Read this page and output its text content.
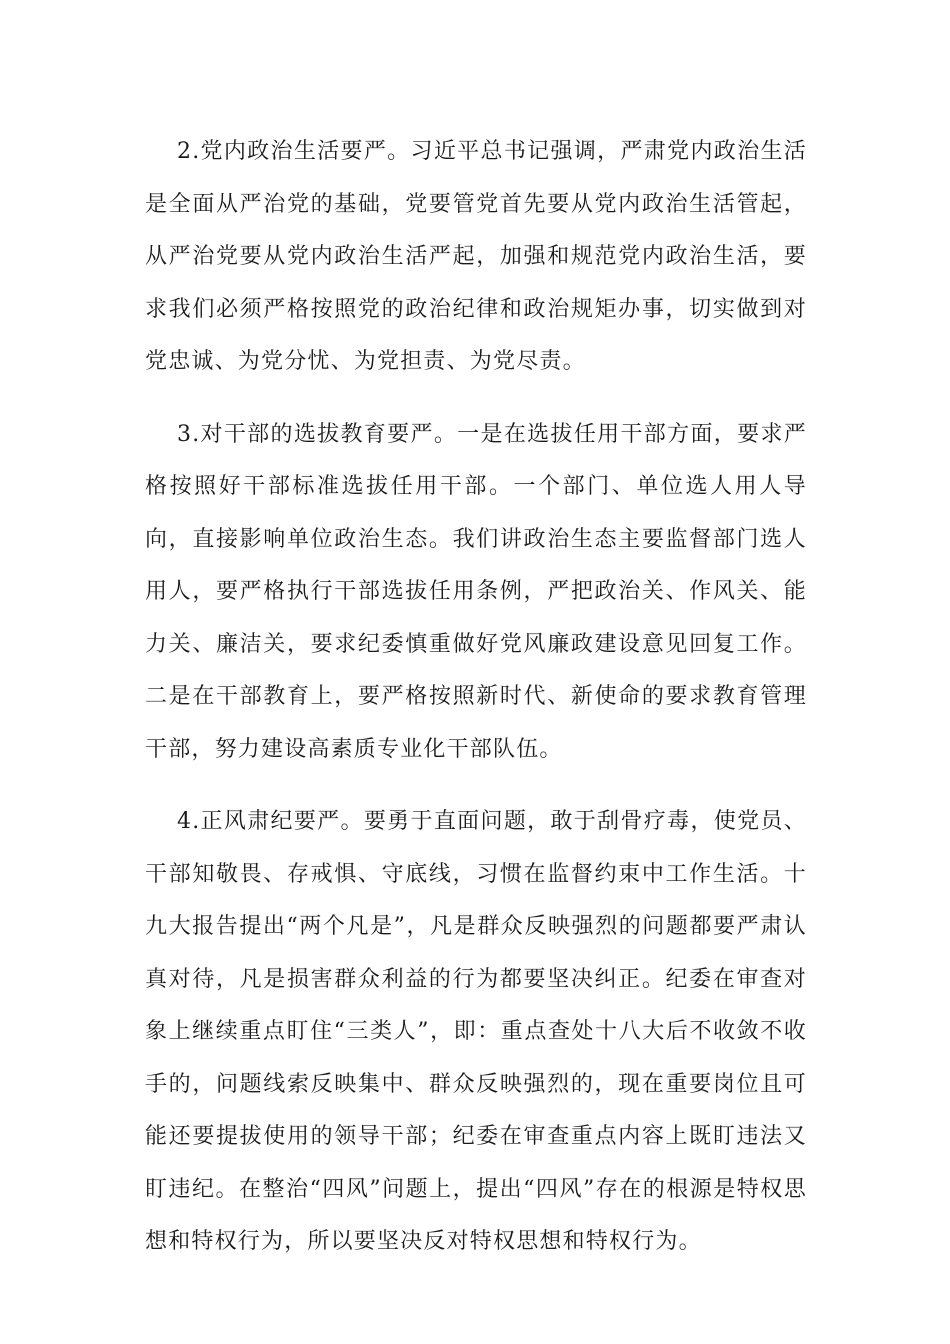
2.党内政治生活要严。习近平总书记强调，严肃党内政治生活是全面从严治党的基础，党要管党首先要从党内政治生活管起，从严治党要从党内政治生活严起，加强和规范党内政治生活，要求我们必须严格按照党的政治纪律和政治规矩办事，切实做到对党忠诚、为党分忧、为党担责、为党尽责。

3.对干部的选拔教育要严。一是在选拔任用干部方面，要求严格按照好干部标准选拔任用干部。一个部门、单位选人用人导向，直接影响单位政治生态。我们讲政治生态主要监督部门选人用人，要严格执行干部选拔任用条例，严把政治关、作风关、能力关、廉洁关，要求纪委慎重做好党风廉政建设意见回复工作。二是在干部教育上，要严格按照新时代、新使命的要求教育管理干部，努力建设高素质专业化干部队伍。

4.正风肃纪要严。要勇于直面问题，敢于刮骨疗毒，使党员、干部知敬畏、存戒惧、守底线，习惯在监督约束中工作生活。十九大报告提出“两个凡是”，凡是群众反映强烈的问题都要严肃认真对待，凡是损害群众利益的行为都要坚决纠正。纪委在审查对象上继续重点盯住“三类人”，即：重点查处十八大后不收敛不收手的，问题线索反映集中、群众反映强烈的，现在重要岗位且可能还要提拔使用的领导干部；纪委在审查重点内容上既盯违法又盯违纪。在整治“四风”问题上，提出“四风”存在的根源是特权思想和特权行为，所以要坚决反对特权思想和特权行为。
